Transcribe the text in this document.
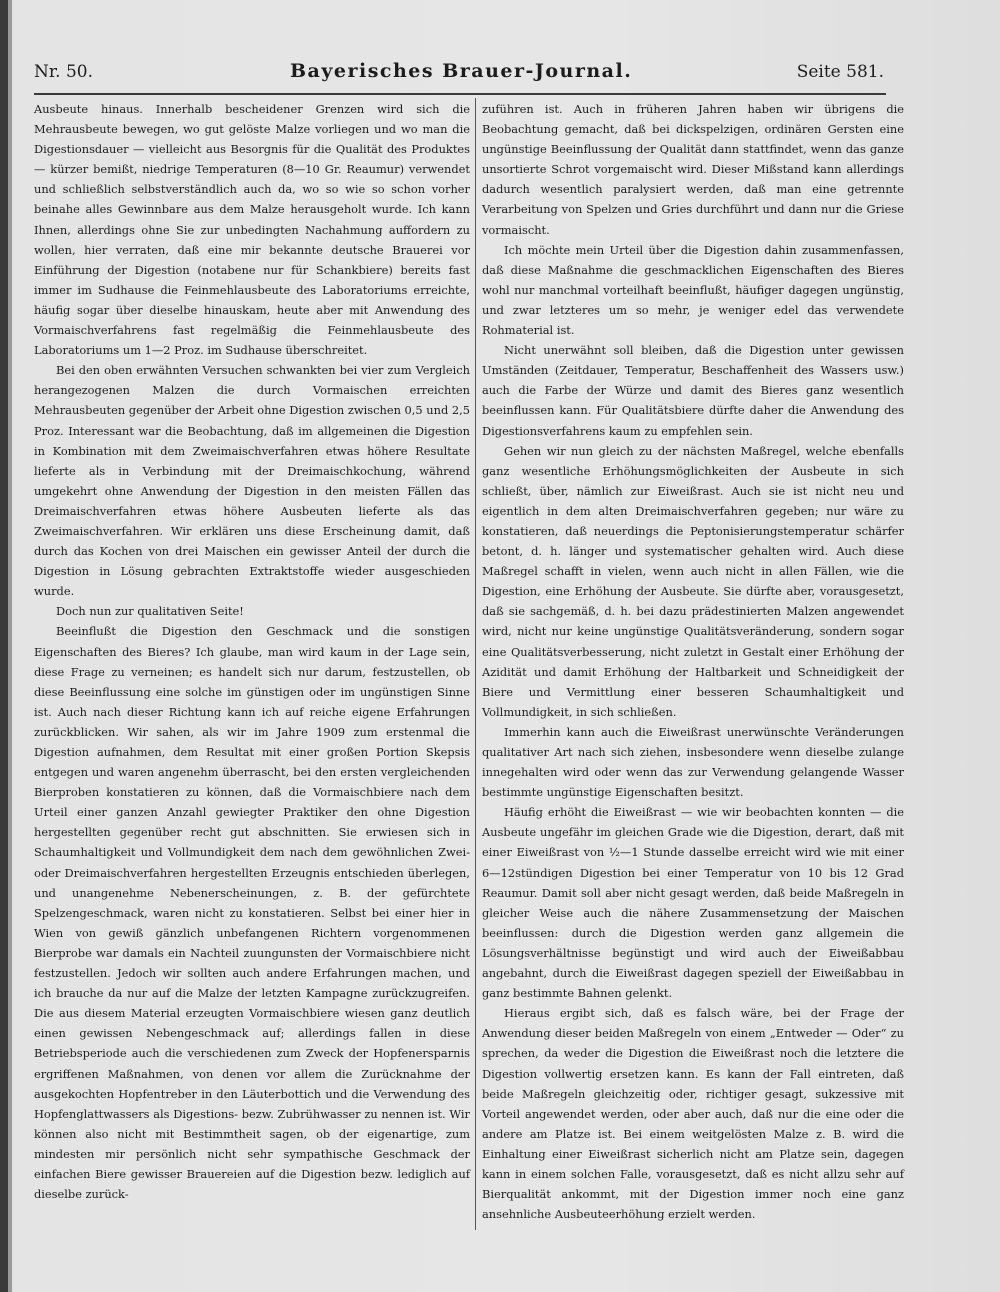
Nr. 50.	Bayerisches Brauer-Journal.	Seite 581.

Ausbeute hinaus. Innerhalb bescheidener Grenzen wird sich die Mehrausbeute bewegen, wo gut gelöste Malze vorliegen und wo man die Digestionsdauer — vielleicht aus Besorgnis für die Qualität des Produktes — kürzer bemißt, niedrige Temperaturen (8—10 Gr. Reaumur) verwendet und schließlich selbstverständlich auch da, wo so wie so schon vorher beinahe alles Gewinnbare aus dem Malze herausgeholt wurde. Ich kann Ihnen, allerdings ohne Sie zur unbedingten Nachahmung auffordern zu wollen, hier verraten, daß eine mir bekannte deutsche Brauerei vor Einführung der Digestion (notabene nur für Schankbiere) bereits fast immer im Sudhause die Feinmehlausbeute des Laboratoriums erreichte, häufig sogar über dieselbe hinauskam, heute aber mit Anwendung des Vormaischverfahrens fast regelmäßig die Feinmehlausbeute des Laboratoriums um 1—2 Proz. im Sudhause überschreitet.

Bei den oben erwähnten Versuchen schwankten bei vier zum Vergleich herangezogenen Malzen die durch Vormaischen erreichten Mehrausbeuten gegenüber der Arbeit ohne Digestion zwischen 0,5 und 2,5 Proz. Interessant war die Beobachtung, daß im allgemeinen die Digestion in Kombination mit dem Zweimaischverfahren etwas höhere Resultate lieferte als in Verbindung mit der Dreimaischkochung, während umgekehrt ohne Anwendung der Digestion in den meisten Fällen das Dreimaischverfahren etwas höhere Ausbeuten lieferte als das Zweimaischverfahren. Wir erklären uns diese Erscheinung damit, daß durch das Kochen von drei Maischen ein gewisser Anteil der durch die Digestion in Lösung gebrachten Extraktstoffe wieder ausgeschieden wurde.

Doch nun zur qualitativen Seite!

Beeinflußt die Digestion den Geschmack und die sonstigen Eigenschaften des Bieres? Ich glaube, man wird kaum in der Lage sein, diese Frage zu verneinen; es handelt sich nur darum, festzustellen, ob diese Beeinflussung eine solche im günstigen oder im ungünstigen Sinne ist. Auch nach dieser Richtung kann ich auf reiche eigene Erfahrungen zurückblicken. Wir sahen, als wir im Jahre 1909 zum erstenmal die Digestion aufnahmen, dem Resultat mit einer großen Portion Skepsis entgegen und waren angenehm überrascht, bei den ersten vergleichenden Bierproben konstatieren zu können, daß die Vormaischbiere nach dem Urteil einer ganzen Anzahl gewiegter Praktiker den ohne Digestion hergestellten gegenüber recht gut abschnitten. Sie erwiesen sich in Schaumhaltigkeit und Vollmundigkeit dem nach dem gewöhnlichen Zwei- oder Dreimaischverfahren hergestellten Erzeugnis entschieden überlegen, und unangenehme Nebenerscheinungen, z. B. der gefürchtete Spelzengeschmack, waren nicht zu konstatieren. Selbst bei einer hier in Wien von gewiß gänzlich unbefangenen Richtern vorgenommenen Bierprobe war damals ein Nachteil zuungunsten der Vormaischbiere nicht festzustellen. Jedoch wir sollten auch andere Erfahrungen machen, und ich brauche da nur auf die Malze der letzten Kampagne zurückzugreifen. Die aus diesem Material erzeugten Vormaischbiere wiesen ganz deutlich einen gewissen Nebengeschmack auf; allerdings fallen in diese Betriebsperiode auch die verschiedenen zum Zweck der Hopfenersparnis ergriffenen Maßnahmen, von denen vor allem die Zurücknahme der ausgekochten Hopfentreber in den Läuterbottich und die Verwendung des Hopfenglattwassers als Digestions- bezw. Zubrühwasser zu nennen ist. Wir können also nicht mit Bestimmtheit sagen, ob der eigenartige, zum mindesten mir persönlich nicht sehr sympathische Geschmack der einfachen Biere gewisser Brauereien auf die Digestion bezw. lediglich auf dieselbe zurück-

zuführen ist. Auch in früheren Jahren haben wir übrigens die Beobachtung gemacht, daß bei dickspelzigen, ordinären Gersten eine ungünstige Beeinflussung der Qualität dann stattfindet, wenn das ganze unsortierte Schrot vorgemaischt wird. Dieser Mißstand kann allerdings dadurch wesentlich paralysiert werden, daß man eine getrennte Verarbeitung von Spelzen und Gries durchführt und dann nur die Griese vormaischt.

Ich möchte mein Urteil über die Digestion dahin zusammenfassen, daß diese Maßnahme die geschmacklichen Eigenschaften des Bieres wohl nur manchmal vorteilhaft beeinflußt, häufiger dagegen ungünstig, und zwar letzteres um so mehr, je weniger edel das verwendete Rohmaterial ist.

Nicht unerwähnt soll bleiben, daß die Digestion unter gewissen Umständen (Zeitdauer, Temperatur, Beschaffenheit des Wassers usw.) auch die Farbe der Würze und damit des Bieres ganz wesentlich beeinflussen kann. Für Qualitätsbiere dürfte daher die Anwendung des Digestionsverfahrens kaum zu empfehlen sein.

Gehen wir nun gleich zu der nächsten Maßregel, welche ebenfalls ganz wesentliche Erhöhungsmöglichkeiten der Ausbeute in sich schließt, über, nämlich zur Eiweißrast. Auch sie ist nicht neu und eigentlich in dem alten Dreimaischverfahren gegeben; nur wäre zu konstatieren, daß neuerdings die Peptonisierungstemperatur schärfer betont, d. h. länger und systematischer gehalten wird. Auch diese Maßregel schafft in vielen, wenn auch nicht in allen Fällen, wie die Digestion, eine Erhöhung der Ausbeute. Sie dürfte aber, vorausgesetzt, daß sie sachgemäß, d. h. bei dazu prädestinierten Malzen angewendet wird, nicht nur keine ungünstige Qualitätsveränderung, sondern sogar eine Qualitätsverbesserung, nicht zuletzt in Gestalt einer Erhöhung der Azidität und damit Erhöhung der Haltbarkeit und Schneidigkeit der Biere und Vermittlung einer besseren Schaumhaltigkeit und Vollmundigkeit, in sich schließen.

Immerhin kann auch die Eiweißrast unerwünschte Veränderungen qualitativer Art nach sich ziehen, insbesondere wenn dieselbe zulange innegehalten wird oder wenn das zur Verwendung gelangende Wasser bestimmte ungünstige Eigenschaften besitzt.

Häufig erhöht die Eiweißrast — wie wir beobachten konnten — die Ausbeute ungefähr im gleichen Grade wie die Digestion, derart, daß mit einer Eiweißrast von ½—1 Stunde dasselbe erreicht wird wie mit einer 6—12stündigen Digestion bei einer Temperatur von 10 bis 12 Grad Reaumur. Damit soll aber nicht gesagt werden, daß beide Maßregeln in gleicher Weise auch die nähere Zusammensetzung der Maischen beeinflussen: durch die Digestion werden ganz allgemein die Lösungsverhältnisse begünstigt und wird auch der Eiweißabbau angebahnt, durch die Eiweißrast dagegen speziell der Eiweißabbau in ganz bestimmte Bahnen gelenkt.

Hieraus ergibt sich, daß es falsch wäre, bei der Frage der Anwendung dieser beiden Maßregeln von einem „Entweder — Oder“ zu sprechen, da weder die Digestion die Eiweißrast noch die letztere die Digestion vollwertig ersetzen kann. Es kann der Fall eintreten, daß beide Maßregeln gleichzeitig oder, richtiger gesagt, sukzessive mit Vorteil angewendet werden, oder aber auch, daß nur die eine oder die andere am Platze ist. Bei einem weitgelösten Malze z. B. wird die Einhaltung einer Eiweißrast sicherlich nicht am Platze sein, dagegen kann in einem solchen Falle, vorausgesetzt, daß es nicht allzu sehr auf Bierqualität ankommt, mit der Digestion immer noch eine ganz ansehnliche Ausbeuteerhöhung erzielt werden.
